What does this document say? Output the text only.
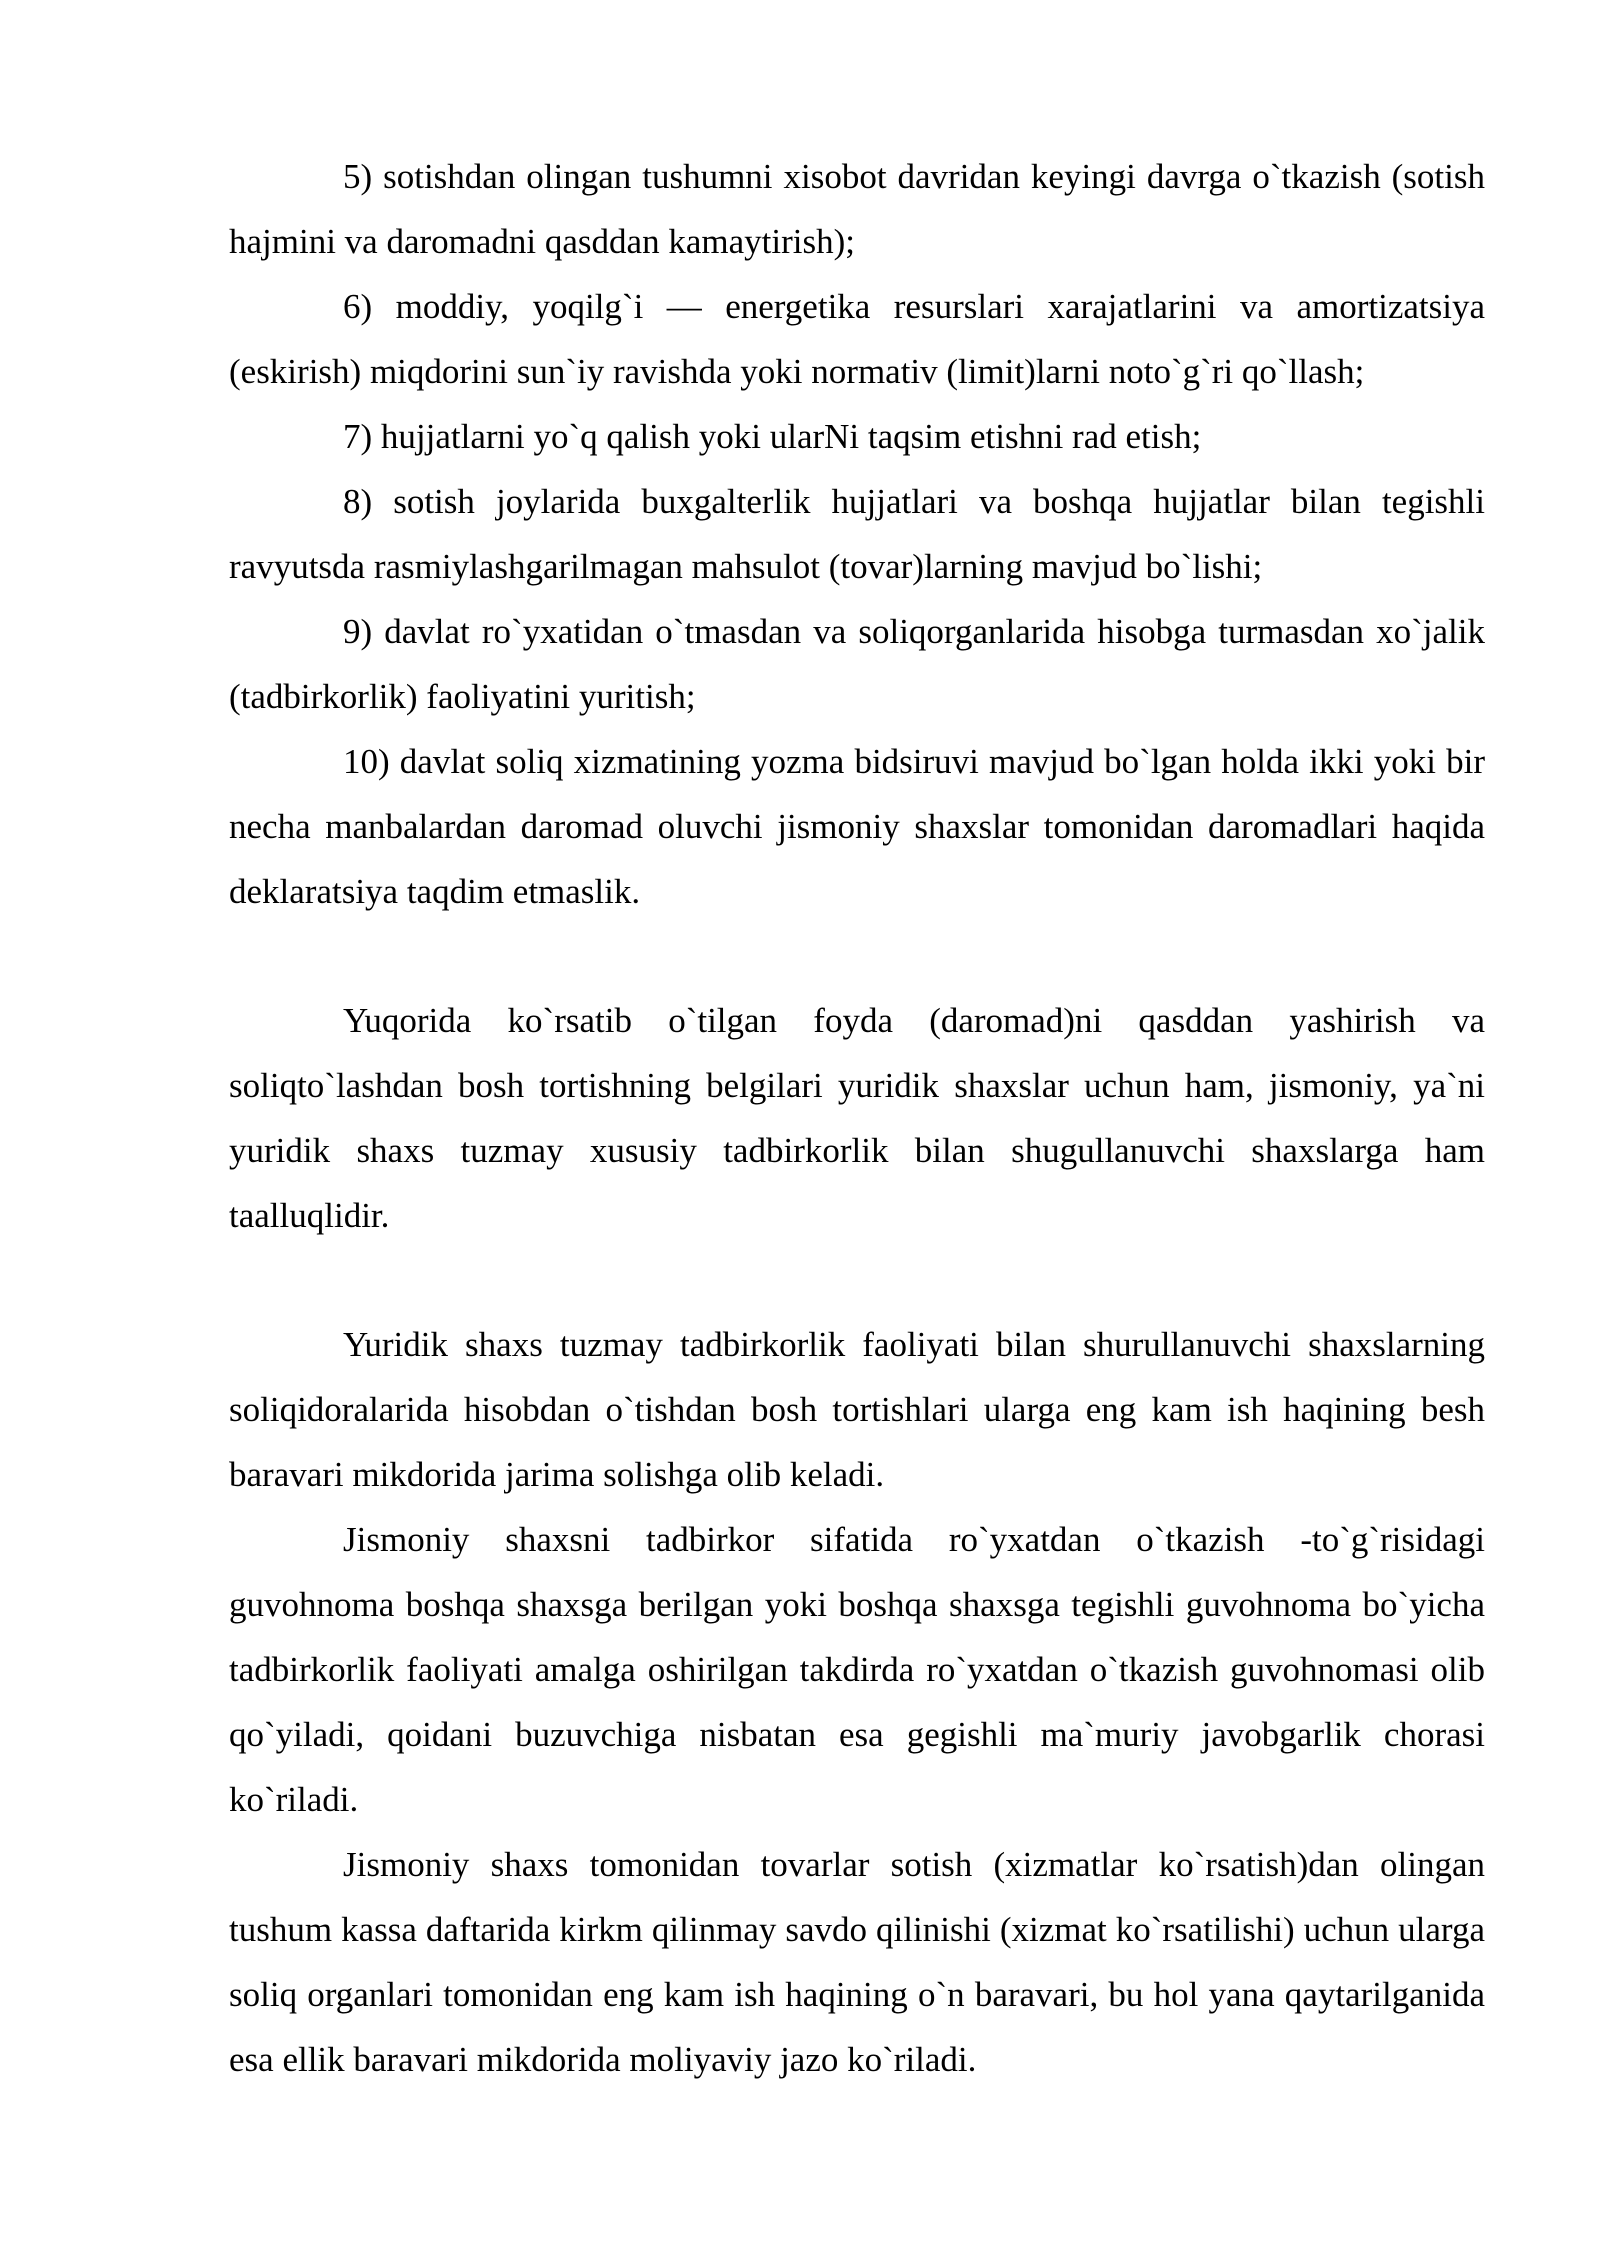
5) sotishdan olingan tushumni xisobot davridan keyingi davrga o`tkazish (sotish hajmini va daromadni qasddan kamaytirish);

6) moddiy, yoqilg`i — energetika resurslari xarajatlarini va amortizatsiya (eskirish) miqdorini sun`iy ravishda yoki normativ (limit)larni noto`g`ri qo`llash;

7) hujjatlarni yo`q qalish yoki ularNi taqsim etishni rad etish;

8) sotish joylarida buxgalterlik hujjatlari va boshqa hujjatlar bilan tegishli ravyutsda rasmiylashgarilmagan mahsulot (tovar)larning mavjud bo`lishi;

9) davlat ro`yxatidan o`tmasdan va soliqorganlarida hisobga turmasdan xo`jalik (tadbirkorlik) faoliyatini yuritish;

10) davlat soliq xizmatining yozma bidsiruvi mavjud bo`lgan holda ikki yoki bir necha manbalardan daromad oluvchi jismoniy shaxslar tomonidan daromadlari haqida deklaratsiya taqdim etmaslik.

Yuqorida ko`rsatib o`tilgan foyda (daromad)ni qasddan yashirish va soliqto`lashdan bosh tortishning belgilari yuridik shaxslar uchun ham, jismoniy, ya`ni yuridik shaxs tuzmay xususiy tadbirkorlik bilan shugullanuvchi shaxslarga ham taalluqlidir.

Yuridik shaxs tuzmay tadbirkorlik faoliyati bilan shurullanuvchi shaxslarning soliqidoralarida hisobdan o`tishdan bosh tortishlari ularga eng kam ish haqining besh baravari mikdorida jarima solishga olib keladi.

Jismoniy shaxsni tadbirkor sifatida ro`yxatdan o`tkazish -to`g`risidagi guvohnoma boshqa shaxsga berilgan yoki boshqa shaxsga tegishli guvohnoma bo`yicha tadbirkorlik faoliyati amalga oshirilgan takdirda ro`yxatdan o`tkazish guvohnomasi olib qo`yiladi, qoidani buzuvchiga nisbatan esa gegishli ma`muriy javobgarlik chorasi ko`riladi.

Jismoniy shaxs tomonidan tovarlar sotish (xizmatlar ko`rsatish)dan olingan tushum kassa daftarida kirkm qilinmay savdo qilinishi (xizmat ko`rsatilishi) uchun ularga soliq organlari tomonidan eng kam ish haqining o`n baravari, bu hol yana qaytarilganida esa ellik baravari mikdorida moliyaviy jazo ko`riladi.
